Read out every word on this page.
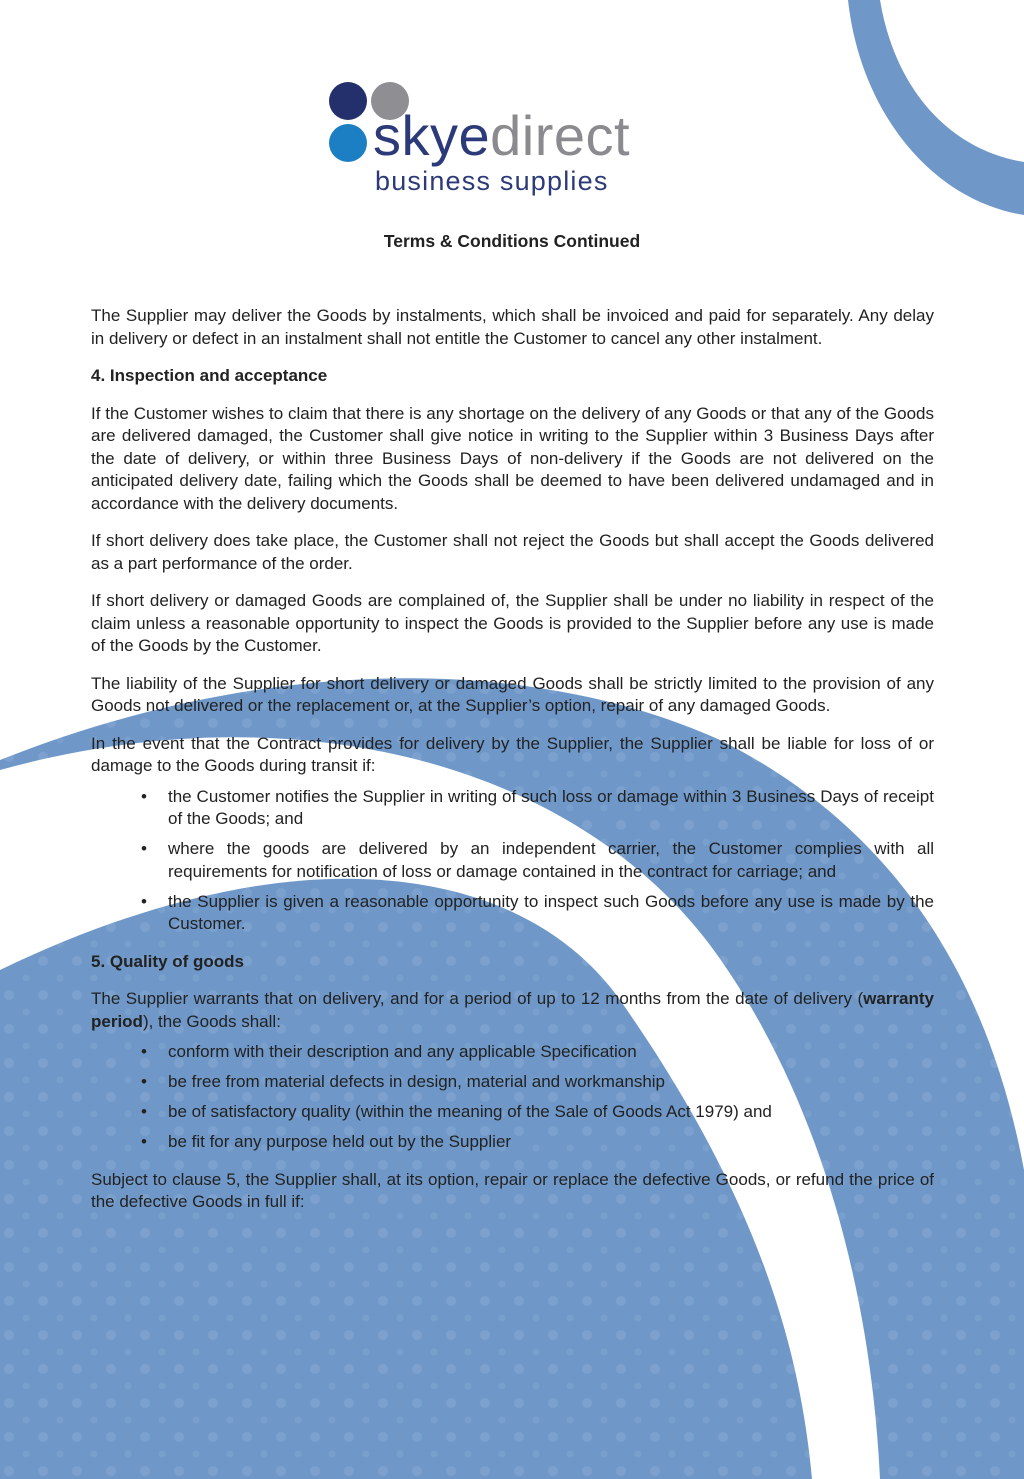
skyedirect
business supplies
Terms & Conditions Continued

The Supplier may deliver the Goods by instalments, which shall be invoiced and paid for separately. Any delay in delivery or defect in an instalment shall not entitle the Customer to cancel any other instalment.

4. Inspection and acceptance

If the Customer wishes to claim that there is any shortage on the delivery of any Goods or that any of the Goods are delivered damaged, the Customer shall give notice in writing to the Supplier within 3 Business Days after the date of delivery, or within three Business Days of non-delivery if the Goods are not delivered on the anticipated delivery date, failing which the Goods shall be deemed to have been delivered undamaged and in accordance with the delivery documents.

If short delivery does take place, the Customer shall not reject the Goods but shall accept the Goods delivered as a part performance of the order.

If short delivery or damaged Goods are complained of, the Supplier shall be under no liability in respect of the claim unless a reasonable opportunity to inspect the Goods is provided to the Supplier before any use is made of the Goods by the Customer.

The liability of the Supplier for short delivery or damaged Goods shall be strictly limited to the provision of any Goods not delivered or the replacement or, at the Supplier’s option, repair of any damaged Goods.

In the event that the Contract provides for delivery by the Supplier, the Supplier shall be liable for loss of or damage to the Goods during transit if:

• the Customer notifies the Supplier in writing of such loss or damage within 3 Business Days of receipt of the Goods; and
• where the goods are delivered by an independent carrier, the Customer complies with all requirements for notification of loss or damage contained in the contract for carriage; and
• the Supplier is given a reasonable opportunity to inspect such Goods before any use is made by the Customer.
5. Quality of goods

The Supplier warrants that on delivery, and for a period of up to 12 months from the date of delivery (warranty period), the Goods shall:

• conform with their description and any applicable Specification
• be free from material defects in design, material and workmanship
• be of satisfactory quality (within the meaning of the Sale of Goods Act 1979) and
• be fit for any purpose held out by the Supplier

Subject to clause 5, the Supplier shall, at its option, repair or replace the defective Goods, or refund the price of the defective Goods in full if:
